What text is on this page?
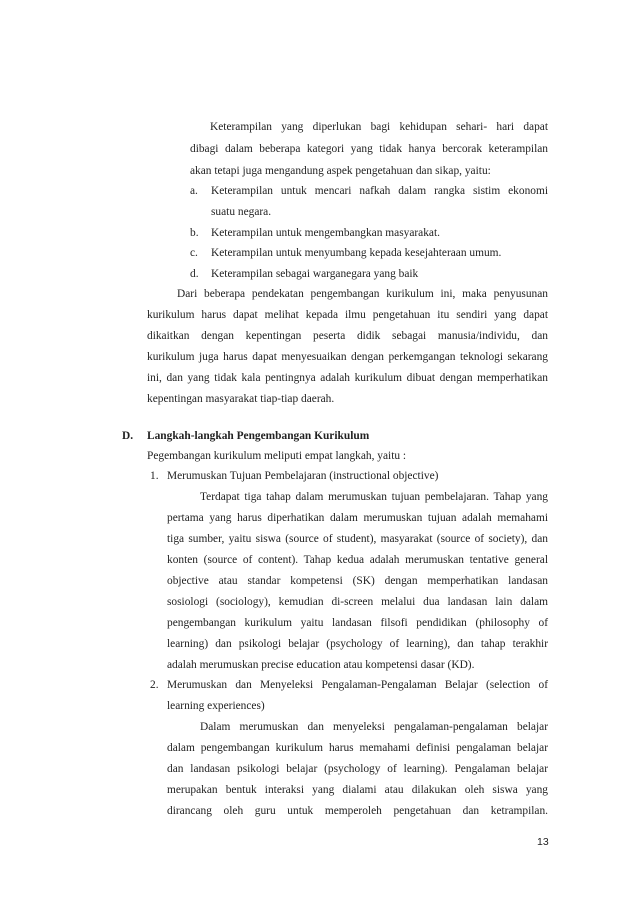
Keterampilan yang diperlukan bagi kehidupan sehari- hari dapat
dibagi dalam beberapa kategori yang tidak hanya bercorak keterampilan
akan tetapi juga mengandung aspek pengetahuan dan sikap, yaitu:
a. Keterampilan untuk mencari nafkah dalam rangka sistim ekonomi
suatu negara.
b. Keterampilan untuk mengembangkan masyarakat.
c. Keterampilan untuk menyumbang kepada kesejahteraan umum.
d. Keterampilan sebagai warganegara yang baik
Dari beberapa pendekatan pengembangan kurikulum ini, maka penyusunan
kurikulum harus dapat melihat kepada ilmu pengetahuan itu sendiri yang dapat
dikaitkan dengan kepentingan peserta didik sebagai manusia/individu, dan
kurikulum juga harus dapat menyesuaikan dengan perkemgangan teknologi sekarang
ini, dan yang tidak kala pentingnya adalah kurikulum dibuat dengan memperhatikan
kepentingan masyarakat tiap-tiap daerah.
D. Langkah-langkah Pengembangan Kurikulum
Pegembangan kurikulum meliputi empat langkah, yaitu :
1. Merumuskan Tujuan Pembelajaran (instructional objective)
Terdapat tiga tahap dalam merumuskan tujuan pembelajaran. Tahap yang
pertama yang harus diperhatikan dalam merumuskan tujuan adalah memahami
tiga sumber, yaitu siswa (source of student), masyarakat (source of society), dan
konten (source of content). Tahap kedua adalah merumuskan tentative general
objective atau standar kompetensi (SK) dengan memperhatikan landasan
sosiologi (sociology), kemudian di-screen melalui dua landasan lain dalam
pengembangan kurikulum yaitu landasan filsofi pendidikan (philosophy of
learning) dan psikologi belajar (psychology of learning), dan tahap terakhir
adalah merumuskan precise education atau kompetensi dasar (KD).
2. Merumuskan dan Menyeleksi Pengalaman-Pengalaman Belajar (selection of
learning experiences)
Dalam merumuskan dan menyeleksi pengalaman-pengalaman belajar
dalam pengembangan kurikulum harus memahami definisi pengalaman belajar
dan landasan psikologi belajar (psychology of learning). Pengalaman belajar
merupakan bentuk interaksi yang dialami atau dilakukan oleh siswa yang
dirancang oleh guru untuk memperoleh pengetahuan dan ketrampilan.
13
